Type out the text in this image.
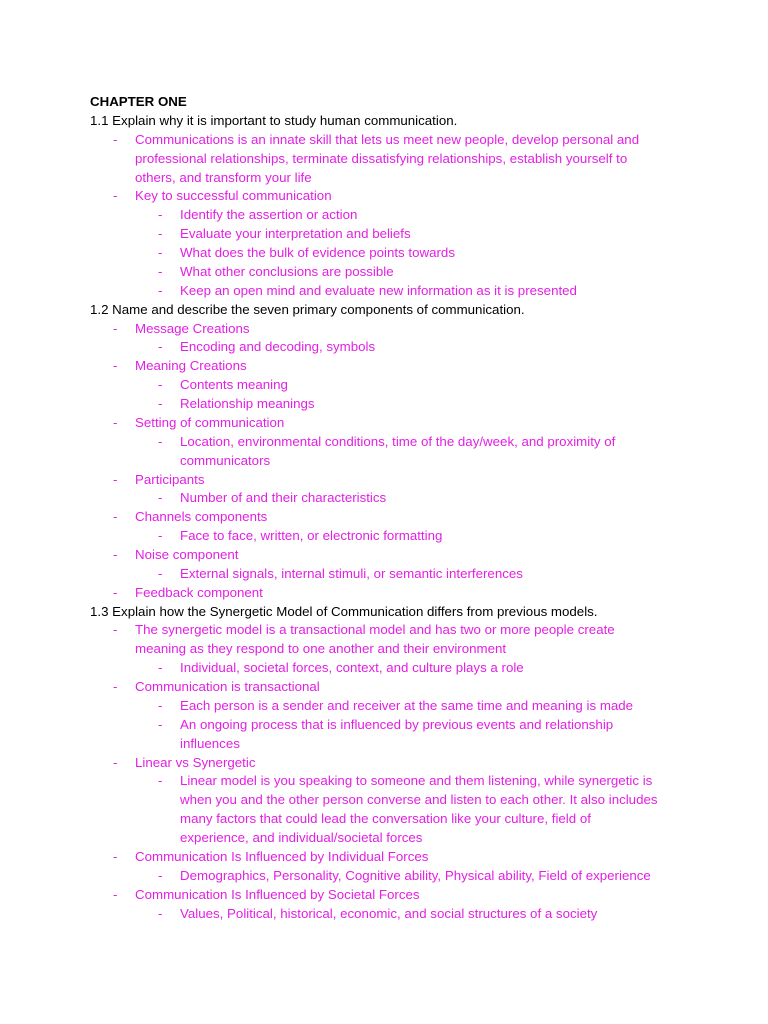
CHAPTER ONE
1.1 Explain why it is important to study human communication.
- Communications is an innate skill that lets us meet new people, develop personal and
professional relationships, terminate dissatisfying relationships, establish yourself to
others, and transform your life
- Key to successful communication
- Identify the assertion or action
- Evaluate your interpretation and beliefs
- What does the bulk of evidence points towards
- What other conclusions are possible
- Keep an open mind and evaluate new information as it is presented
1.2 Name and describe the seven primary components of communication.
- Message Creations
- Encoding and decoding, symbols
- Meaning Creations
- Contents meaning
- Relationship meanings
- Setting of communication
- Location, environmental conditions, time of the day/week, and proximity of
communicators
- Participants
- Number of and their characteristics
- Channels components
- Face to face, written, or electronic formatting
- Noise component
- External signals, internal stimuli, or semantic interferences
- Feedback component
1.3 Explain how the Synergetic Model of Communication differs from previous models.
- The synergetic model is a transactional model and has two or more people create
meaning as they respond to one another and their environment
- Individual, societal forces, context, and culture plays a role
- Communication is transactional
- Each person is a sender and receiver at the same time and meaning is made
- An ongoing process that is influenced by previous events and relationship
influences
- Linear vs Synergetic
- Linear model is you speaking to someone and them listening, while synergetic is
when you and the other person converse and listen to each other. It also includes
many factors that could lead the conversation like your culture, field of
experience, and individual/societal forces
- Communication Is Influenced by Individual Forces
- Demographics, Personality, Cognitive ability, Physical ability, Field of experience
- Communication Is Influenced by Societal Forces
- Values, Political, historical, economic, and social structures of a society
